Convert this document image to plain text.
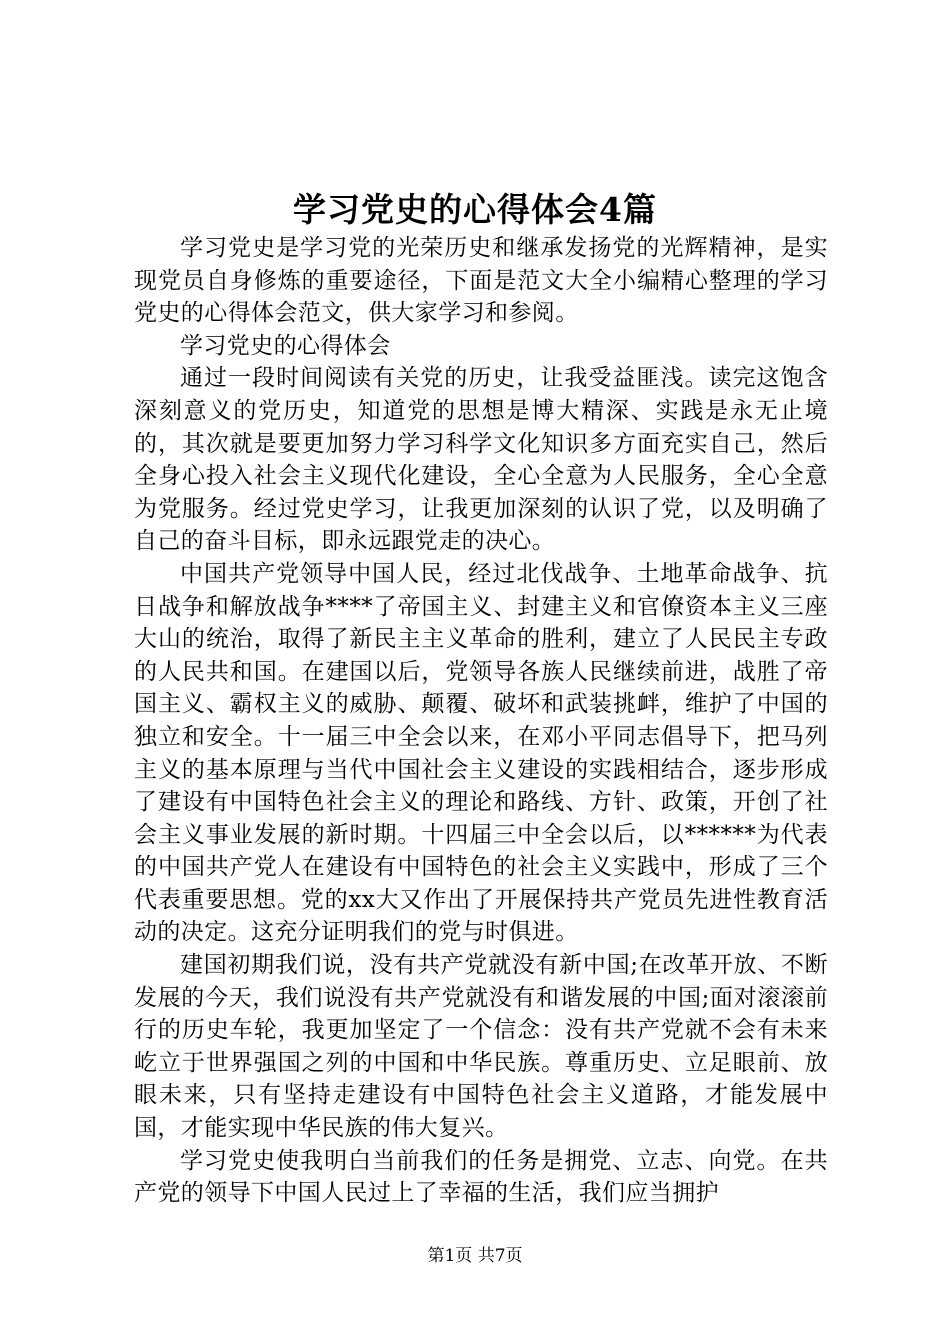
学习党史的心得体会4篇

学习党史是学习党的光荣历史和继承发扬党的光辉精神，是实现党员自身修炼的重要途径，下面是范文大全小编精心整理的学习党史的心得体会范文，供大家学习和参阅。

学习党史的心得体会

通过一段时间阅读有关党的历史，让我受益匪浅。读完这饱含深刻意义的党历史，知道党的思想是博大精深、实践是永无止境的，其次就是要更加努力学习科学文化知识多方面充实自己，然后全身心投入社会主义现代化建设，全心全意为人民服务，全心全意为党服务。经过党史学习，让我更加深刻的认识了党，以及明确了自己的奋斗目标，即永远跟党走的决心。

中国共产党领导中国人民，经过北伐战争、土地革命战争、抗日战争和解放战争****了帝国主义、封建主义和官僚资本主义三座大山的统治，取得了新民主主义革命的胜利，建立了人民民主专政的人民共和国。在建国以后，党领导各族人民继续前进，战胜了帝国主义、霸权主义的威胁、颠覆、破坏和武装挑衅，维护了中国的独立和安全。十一届三中全会以来，在邓小平同志倡导下，把马列主义的基本原理与当代中国社会主义建设的实践相结合，逐步形成了建设有中国特色社会主义的理论和路线、方针、政策，开创了社会主义事业发展的新时期。十四届三中全会以后，以******为代表的中国共产党人在建设有中国特色的社会主义实践中，形成了三个代表重要思想。党的xx大又作出了开展保持共产党员先进性教育活动的决定。这充分证明我们的党与时俱进。

建国初期我们说，没有共产党就没有新中国;在改革开放、不断发展的今天，我们说没有共产党就没有和谐发展的中国;面对滚滚前行的历史车轮，我更加坚定了一个信念：没有共产党就不会有未来屹立于世界强国之列的中国和中华民族。尊重历史、立足眼前、放眼未来，只有坚持走建设有中国特色社会主义道路，才能发展中国，才能实现中华民族的伟大复兴。

学习党史使我明白当前我们的任务是拥党、立志、向党。在共产党的领导下中国人民过上了幸福的生活，我们应当拥护

第1页 共7页
